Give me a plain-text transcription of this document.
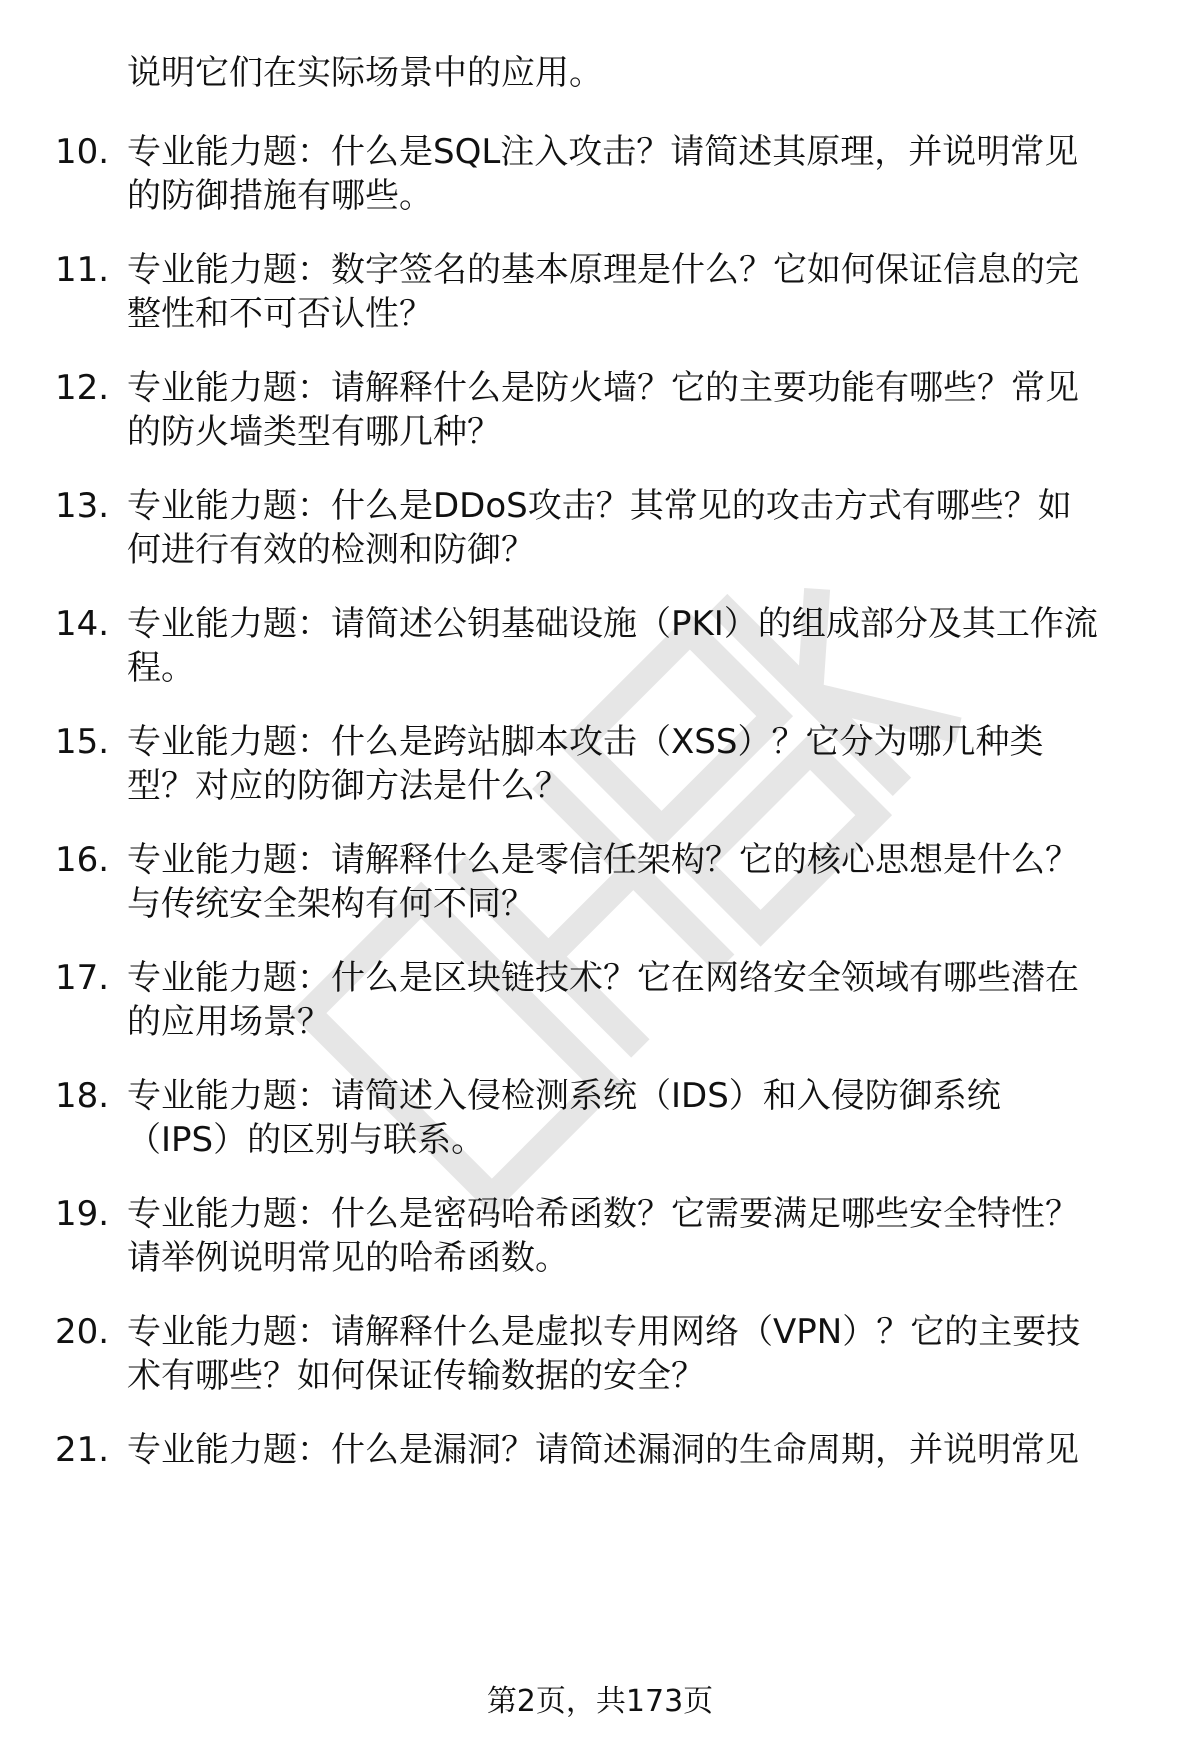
说明它们在实际场景中的应用。
10. 专业能力题：什么是SQL注入攻击？请简述其原理，并说明常见
的防御措施有哪些。
11. 专业能力题：数字签名的基本原理是什么？它如何保证信息的完
整性和不可否认性？
12. 专业能力题：请解释什么是防火墙？它的主要功能有哪些？常见
的防火墙类型有哪几种？
13. 专业能力题：什么是DDoS攻击？其常见的攻击方式有哪些？如
何进行有效的检测和防御？
14. 专业能力题：请简述公钥基础设施（PKI）的组成部分及其工作流
程。
15. 专业能力题：什么是跨站脚本攻击（XSS）？它分为哪几种类
型？对应的防御方法是什么？
16. 专业能力题：请解释什么是零信任架构？它的核心思想是什么？
与传统安全架构有何不同？
17. 专业能力题：什么是区块链技术？它在网络安全领域有哪些潜在
的应用场景？
18. 专业能力题：请简述入侵检测系统（IDS）和入侵防御系统
（IPS）的区别与联系。
19. 专业能力题：什么是密码哈希函数？它需要满足哪些安全特性？
请举例说明常见的哈希函数。
20. 专业能力题：请解释什么是虚拟专用网络（VPN）？它的主要技
术有哪些？如何保证传输数据的安全？
21. 专业能力题：什么是漏洞？请简述漏洞的生命周期，并说明常见
第2页，共173页
